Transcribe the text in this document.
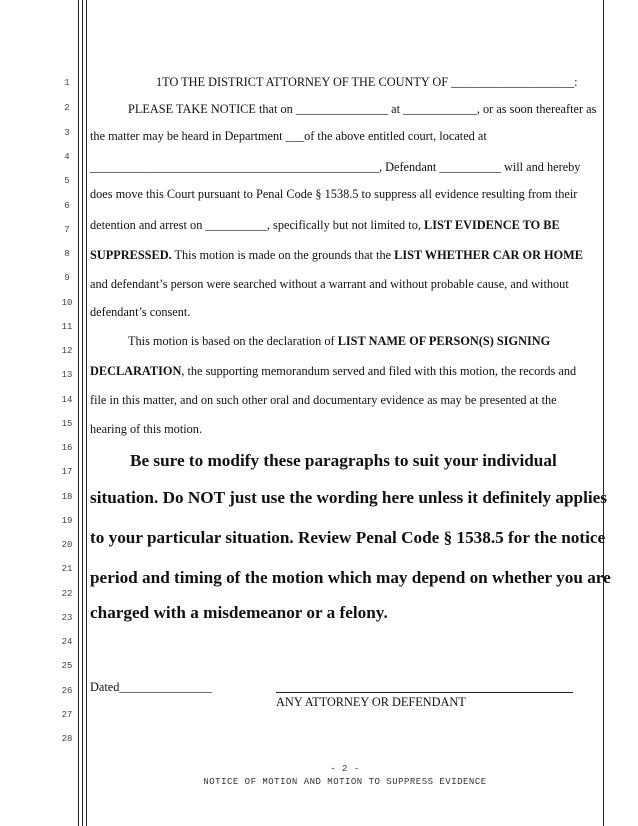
1
2
3
4
5
6
7
8
9
10
11
12
13
14
15
16
17
18
19
20
21
22
23
24
25
26
27
28
1TO THE DISTRICT ATTORNEY OF THE COUNTY OF ____________________:
PLEASE TAKE NOTICE that on _______________ at ____________, or as soon thereafter as
the matter may be heard in Department ___of the above entitled court, located at
_______________________________________________, Defendant __________ will and hereby
does move this Court pursuant to Penal Code § 1538.5 to suppress all evidence resulting from their
detention and arrest on __________, specifically but not limited to, LIST EVIDENCE TO BE
SUPPRESSED. This motion is made on the grounds that the LIST WHETHER CAR OR HOME
and defendant’s person were searched without a warrant and without probable cause, and without
defendant’s consent.
This motion is based on the declaration of LIST NAME OF PERSON(S) SIGNING
DECLARATION, the supporting memorandum served and filed with this motion, the records and
file in this matter, and on such other oral and documentary evidence as may be presented at the
hearing of this motion.
Be sure to modify these paragraphs to suit your individual
situation. Do NOT just use the wording here unless it definitely applies
to your particular situation. Review Penal Code § 1538.5 for the notice
period and timing of the motion which may depend on whether you are
charged with a misdemeanor or a felony.
Dated_______________
ANY ATTORNEY OR DEFENDANT
- 2 -
NOTICE OF MOTION AND MOTION TO SUPPRESS EVIDENCE
